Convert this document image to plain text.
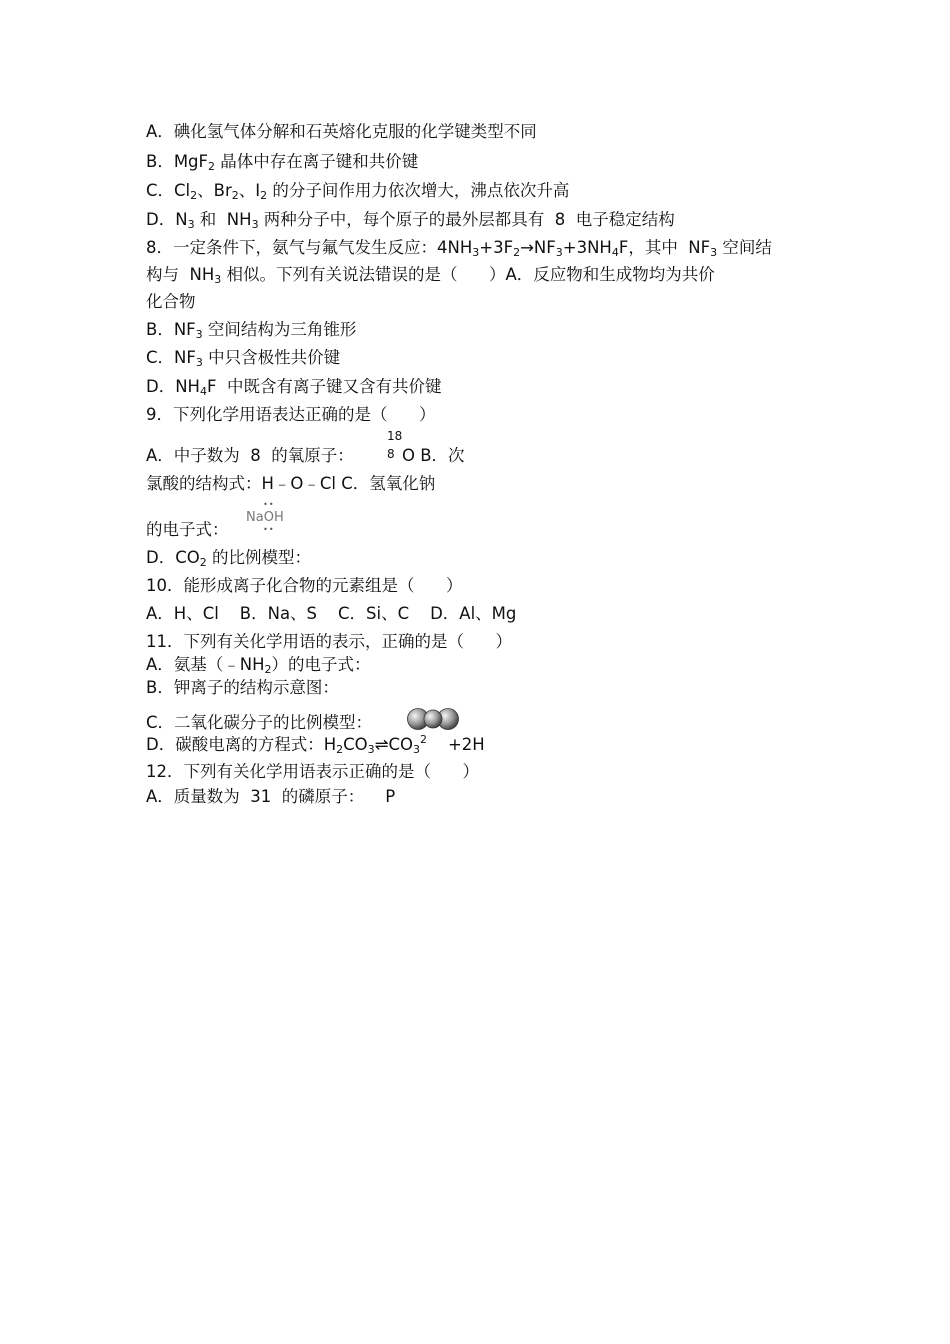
A．碘化氢气体分解和石英熔化克服的化学键类型不同
B．MgF$_2$ 晶体中存在离子键和共价键
C．$Cl_2$、$Br_2$、$I_2$ 的分子间作用力依次增大，沸点依次升高
D．$N_3$ 和  $NH_3$ 两种分子中，每个原子的最外层都具有  8  电子稳定结构
8．一定条件下，氨气与氟气发生反应：$4NH_3+3F_2\to NF_3+3NH_4F$，其中  $NF_3$ 空间结
构与  $NH_3$ 相似。下列有关说法错误的是（      ）A．反应物和生成物均为共价
化合物
B．$NF_3$ 空间结构为三角锥形
C．$NF_3$ 中只含极性共价键
D．$NH_4F$  中既含有离子键又含有共价键
9．下列化学用语表达正确的是（      ）
A．中子数为  8  的氧原子：
18
8 O B．次
氯酸的结构式：H﹣O﹣Cl C．氢氧化钠
的电子式：
Na
••
O
••
H
D．$CO_2$ 的比例模型：
10．能形成离子化合物的元素组是（      ）
A．H、Cl    B．Na、S    C．Si、C    D．Al、Mg
11．下列有关化学用语的表示，正确的是（      ）
A．氨基$(﹣NH_2)$的电子式：
B．钾离子的结构示意图：
C．二氧化碳分子的比例模型：
D．碳酸电离的方程式：$H_2CO_3\rightleftharpoons CO_3^2$    +2H
12．下列有关化学用语表示正确的是（      ）
A．质量数为  31  的磷原子：    P
